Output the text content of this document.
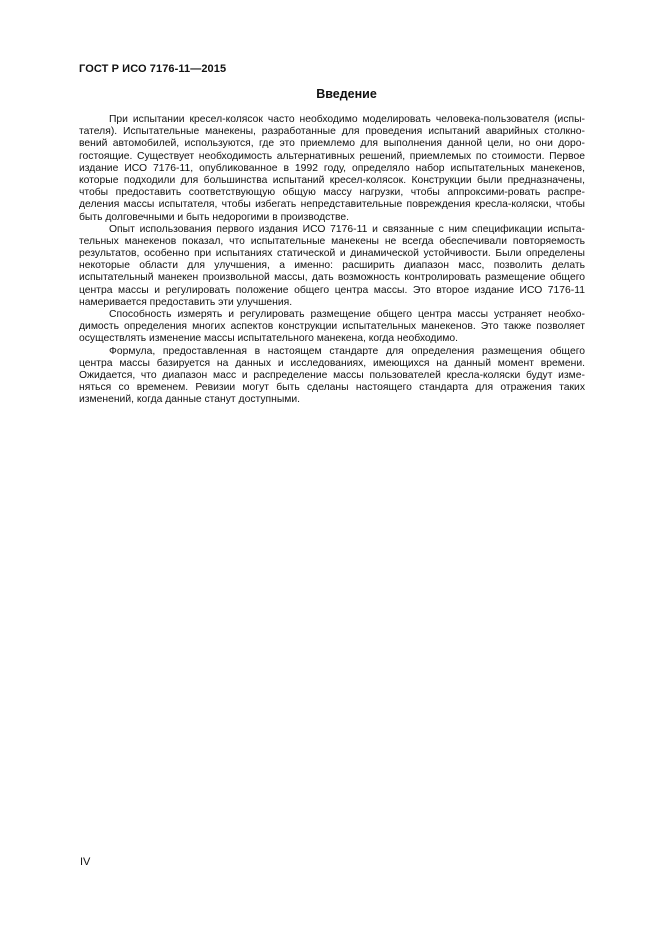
ГОСТ Р ИСО 7176-11—2015
Введение
При испытании кресел-колясок часто необходимо моделировать человека-пользователя (испы-
тателя). Испытательные манекены, разработанные для проведения испытаний аварийных столкно-
вений автомобилей, используются, где это приемлемо для выполнения данной цели, но они доро-
гостоящие. Существует необходимость альтернативных решений, приемлемых по стоимости. Первое
издание ИСО 7176-11, опубликованное в 1992 году, определяло набор испытательных манекенов,
которые подходили для большинства испытаний кресел-колясок. Конструкции были предназначены,
чтобы предоставить соответствующую общую массу нагрузки, чтобы аппроксими-ровать распре-
деления массы испытателя, чтобы избегать непредставительные повреждения кресла-коляски, чтобы
быть долговечными и быть недорогими в производстве.
Опыт использования первого издания ИСО 7176-11 и связанные с ним спецификации испыта-
тельных манекенов показал, что испытательные манекены не всегда обеспечивали повторяемость
результатов, особенно при испытаниях статической и динамической устойчивости. Были определены
некоторые области для улучшения, а именно: расширить диапазон масс, позволить делать
испытательный манекен произвольной массы, дать возможность контролировать размещение общего
центра массы и регулировать положение общего центра массы. Это второе издание ИСО 7176-11
намеривается предоставить эти улучшения.
Способность измерять и регулировать размещение общего центра массы устраняет необхо-
димость определения многих аспектов конструкции испытательных манекенов. Это также позволяет
осуществлять изменение массы испытательного манекена, когда необходимо.
Формула, предоставленная в настоящем стандарте для определения размещения общего
центра массы базируется на данных и исследованиях, имеющихся на данный момент времени.
Ожидается, что диапазон масс и распределение массы пользователей кресла-коляски будут изме-
няться со временем. Ревизии могут быть сделаны настоящего стандарта для отражения таких
изменений, когда данные станут доступными.
IV
